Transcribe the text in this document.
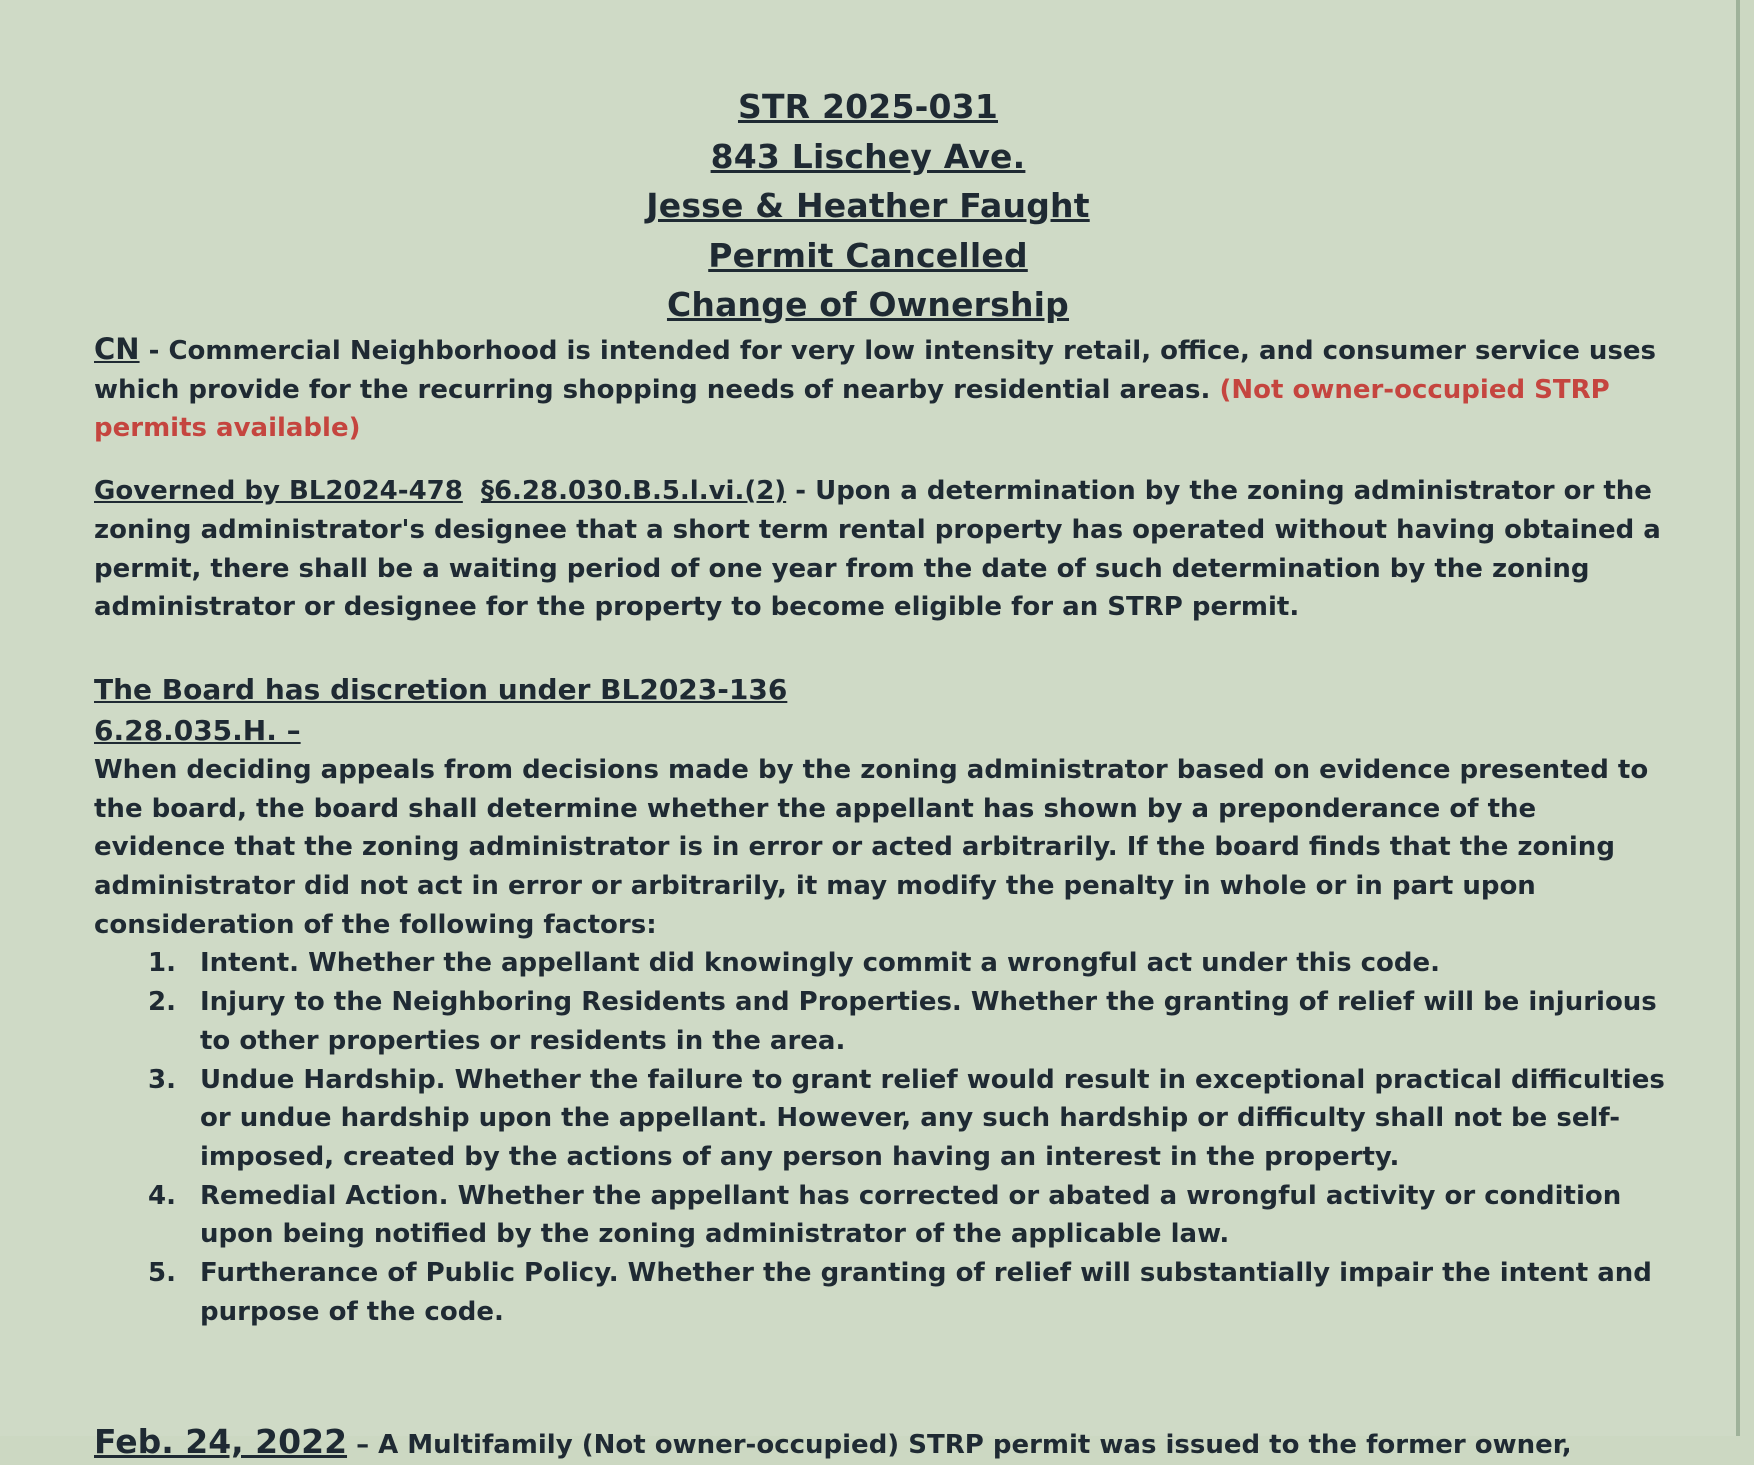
STR 2025-031
843 Lischey Ave.
Jesse & Heather Faught
Permit Cancelled
Change of Ownership
CN - Commercial Neighborhood is intended for very low intensity retail, office, and consumer service uses which provide for the recurring shopping needs of nearby residential areas. (Not owner-occupied STRP permits available)
Governed by BL2024-478 §6.28.030.B.5.l.vi.(2) - Upon a determination by the zoning administrator or the zoning administrator's designee that a short term rental property has operated without having obtained a permit, there shall be a waiting period of one year from the date of such determination by the zoning administrator or designee for the property to become eligible for an STRP permit.
The Board has discretion under BL2023-136
6.28.035.H. –
When deciding appeals from decisions made by the zoning administrator based on evidence presented to the board, the board shall determine whether the appellant has shown by a preponderance of the evidence that the zoning administrator is in error or acted arbitrarily. If the board finds that the zoning administrator did not act in error or arbitrarily, it may modify the penalty in whole or in part upon consideration of the following factors:
1. Intent. Whether the appellant did knowingly commit a wrongful act under this code.
2. Injury to the Neighboring Residents and Properties. Whether the granting of relief will be injurious to other properties or residents in the area.
3. Undue Hardship. Whether the failure to grant relief would result in exceptional practical difficulties or undue hardship upon the appellant. However, any such hardship or difficulty shall not be self-imposed, created by the actions of any person having an interest in the property.
4. Remedial Action. Whether the appellant has corrected or abated a wrongful activity or condition upon being notified by the zoning administrator of the applicable law.
5. Furtherance of Public Policy. Whether the granting of relief will substantially impair the intent and purpose of the code.
Feb. 24, 2022 – A Multifamily (Not owner-occupied) STRP permit was issued to the former owner,
